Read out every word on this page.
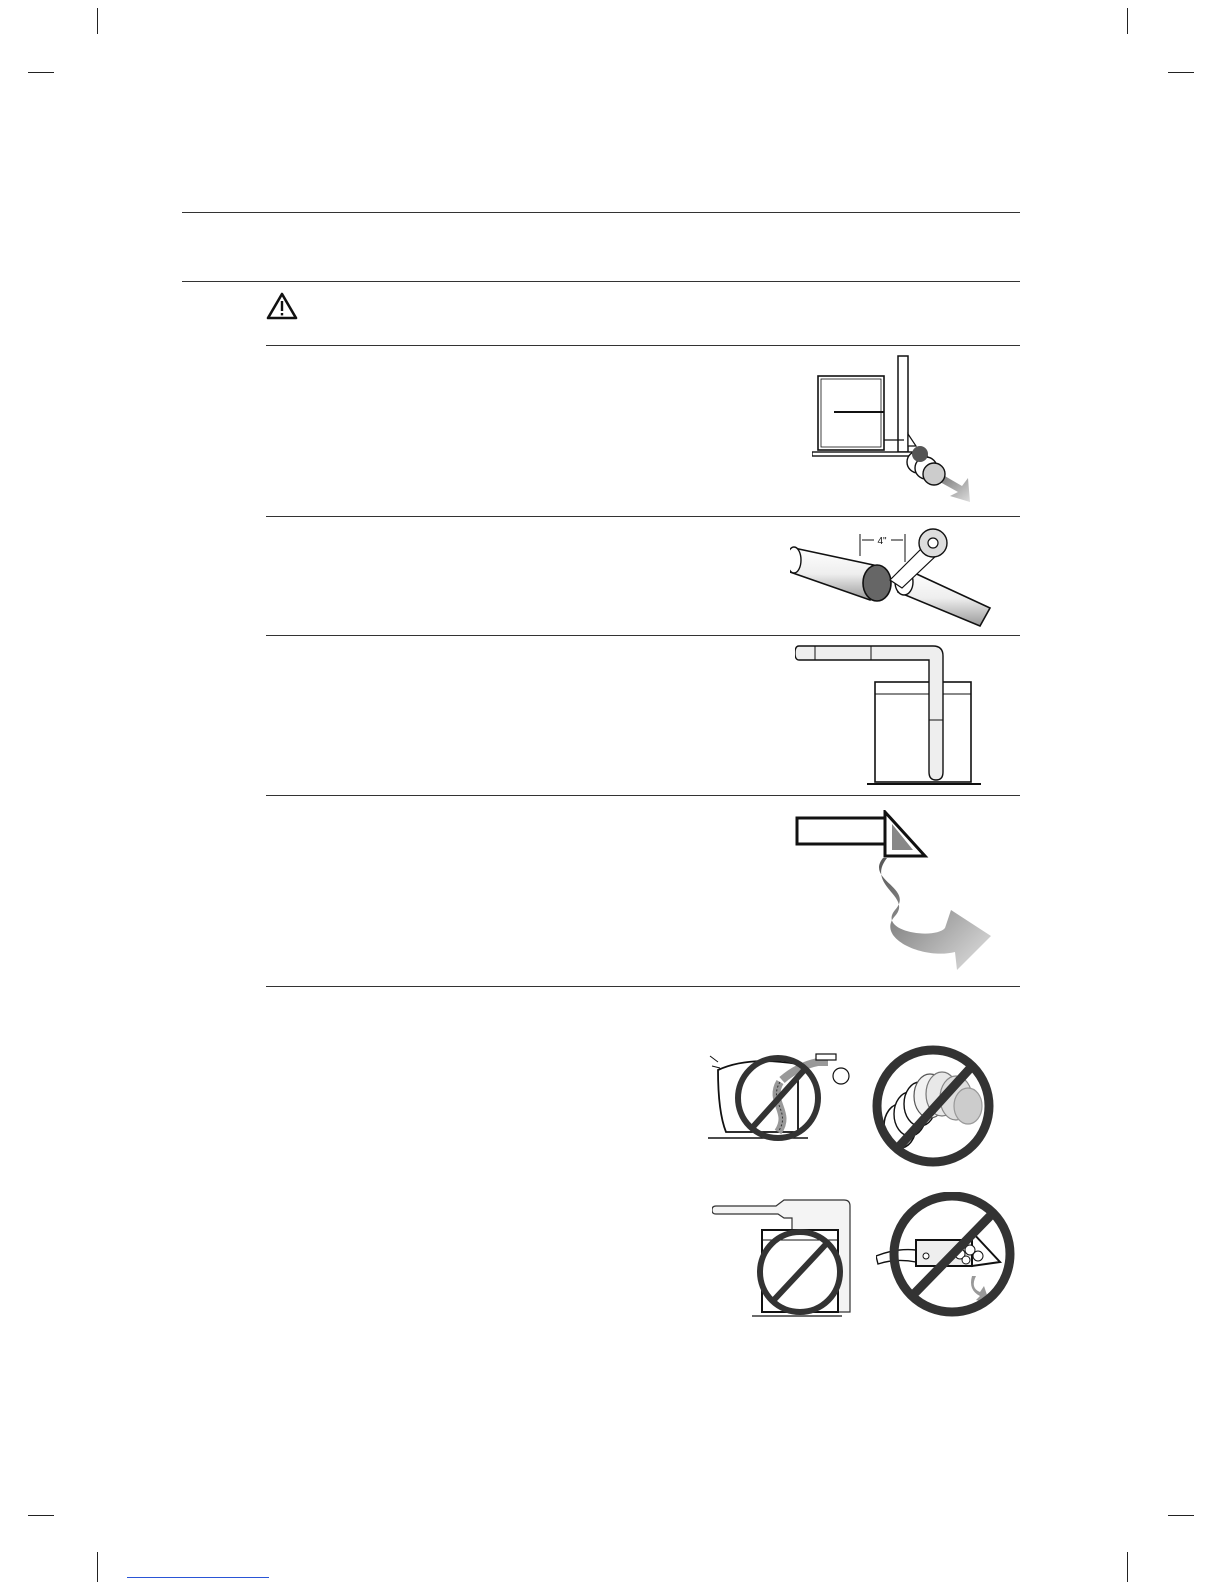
4"
